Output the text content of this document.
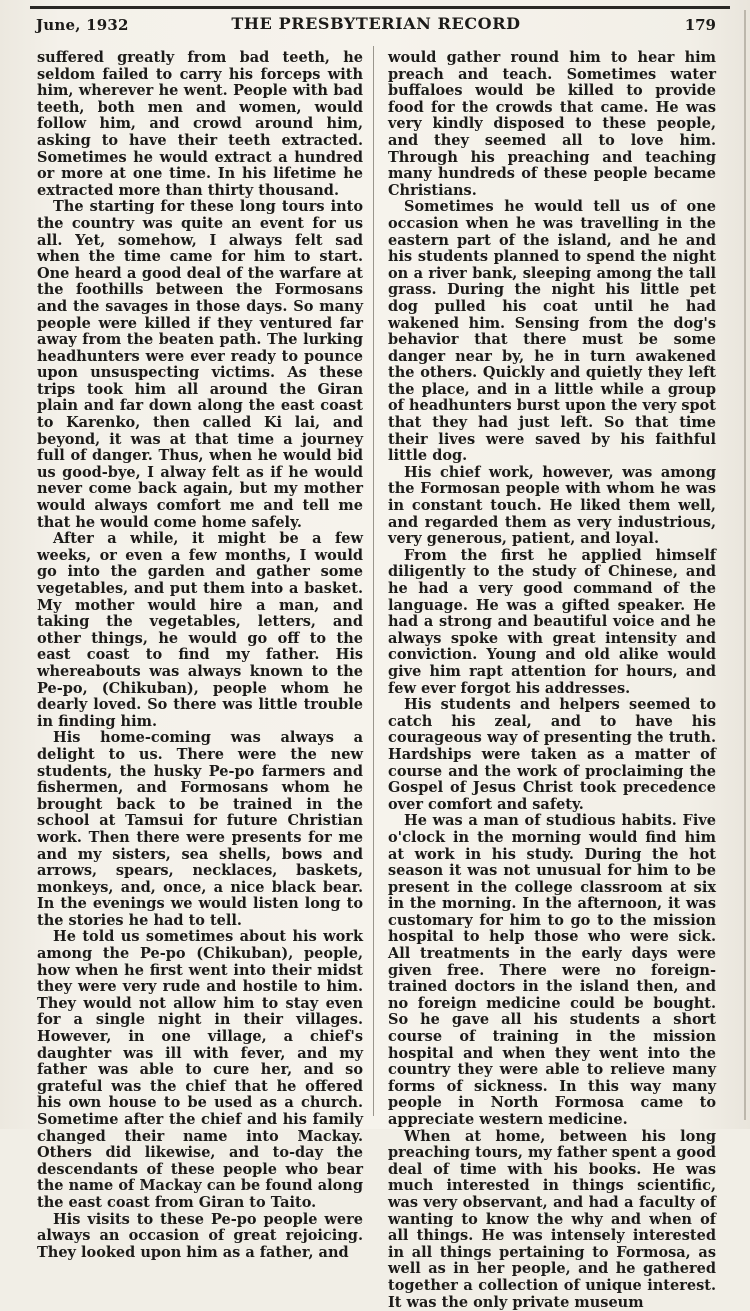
June, 1932	THE PRESBYTERIAN RECORD	179

suffered greatly from bad teeth, he seldom failed to carry his forceps with him, wherever he went. People with bad teeth, both men and women, would follow him, and crowd around him, asking to have their teeth extracted. Sometimes he would extract a hundred or more at one time. In his lifetime he extracted more than thirty thousand.

The starting for these long tours into the country was quite an event for us all. Yet, somehow, I always felt sad when the time came for him to start. One heard a good deal of the warfare at the foothills between the Formosans and the savages in those days. So many people were killed if they ventured far away from the beaten path. The lurking headhunters were ever ready to pounce upon unsuspecting victims. As these trips took him all around the Giran plain and far down along the east coast to Karenko, then called Ki lai, and beyond, it was at that time a journey full of danger. Thus, when he would bid us good-bye, I alway felt as if he would never come back again, but my mother would always comfort me and tell me that he would come home safely.

After a while, it might be a few weeks, or even a few months, I would go into the garden and gather some vegetables, and put them into a basket. My mother would hire a man, and taking the vegetables, letters, and other things, he would go off to the east coast to find my father. His whereabouts was always known to the Pe-po, (Chikuban), people whom he dearly loved. So there was little trouble in finding him.

His home-coming was always a delight to us. There were the new students, the husky Pe-po farmers and fishermen, and Formosans whom he brought back to be trained in the school at Tamsui for future Christian work. Then there were presents for me and my sisters, sea shells, bows and arrows, spears, necklaces, baskets, monkeys, and, once, a nice black bear. In the evenings we would listen long to the stories he had to tell.

He told us sometimes about his work among the Pe-po (Chikuban), people, how when he first went into their midst they were very rude and hostile to him. They would not allow him to stay even for a single night in their villages. However, in one village, a chief's daughter was ill with fever, and my father was able to cure her, and so grateful was the chief that he offered his own house to be used as a church. Sometime after the chief and his family changed their name into Mackay. Others did likewise, and to-day the descendants of these people who bear the name of Mackay can be found along the east coast from Giran to Taito.

His visits to these Pe-po people were always an occasion of great rejoicing. They looked upon him as a father, and

would gather round him to hear him preach and teach. Sometimes water buffaloes would be killed to provide food for the crowds that came. He was very kindly disposed to these people, and they seemed all to love him. Through his preaching and teaching many hundreds of these people became Christians.

Sometimes he would tell us of one occasion when he was travelling in the eastern part of the island, and he and his students planned to spend the night on a river bank, sleeping among the tall grass. During the night his little pet dog pulled his coat until he had wakened him. Sensing from the dog's behavior that there must be some danger near by, he in turn awakened the others. Quickly and quietly they left the place, and in a little while a group of headhunters burst upon the very spot that they had just left. So that time their lives were saved by his faithful little dog.

His chief work, however, was among the Formosan people with whom he was in constant touch. He liked them well, and regarded them as very industrious, very generous, patient, and loyal.

From the first he applied himself diligently to the study of Chinese, and he had a very good command of the language. He was a gifted speaker. He had a strong and beautiful voice and he always spoke with great intensity and conviction. Young and old alike would give him rapt attention for hours, and few ever forgot his addresses.

His students and helpers seemed to catch his zeal, and to have his courageous way of presenting the truth. Hardships were taken as a matter of course and the work of proclaiming the Gospel of Jesus Christ took precedence over comfort and safety.

He was a man of studious habits. Five o'clock in the morning would find him at work in his study. During the hot season it was not unusual for him to be present in the college classroom at six in the morning. In the afternoon, it was customary for him to go to the mission hospital to help those who were sick. All treatments in the early days were given free. There were no foreign-trained doctors in the island then, and no foreign medicine could be bought. So he gave all his students a short course of training in the mission hospital and when they went into the country they were able to relieve many forms of sickness. In this way many people in North Formosa came to appreciate western medicine.

When at home, between his long preaching tours, my father spent a good deal of time with his books. He was much interested in things scientific, was very observant, and had a faculty of wanting to know the why and when of all things. He was intensely interested in all things pertaining to Formosa, as well as in her people, and he gathered together a collection of unique interest. It was the only private museum
